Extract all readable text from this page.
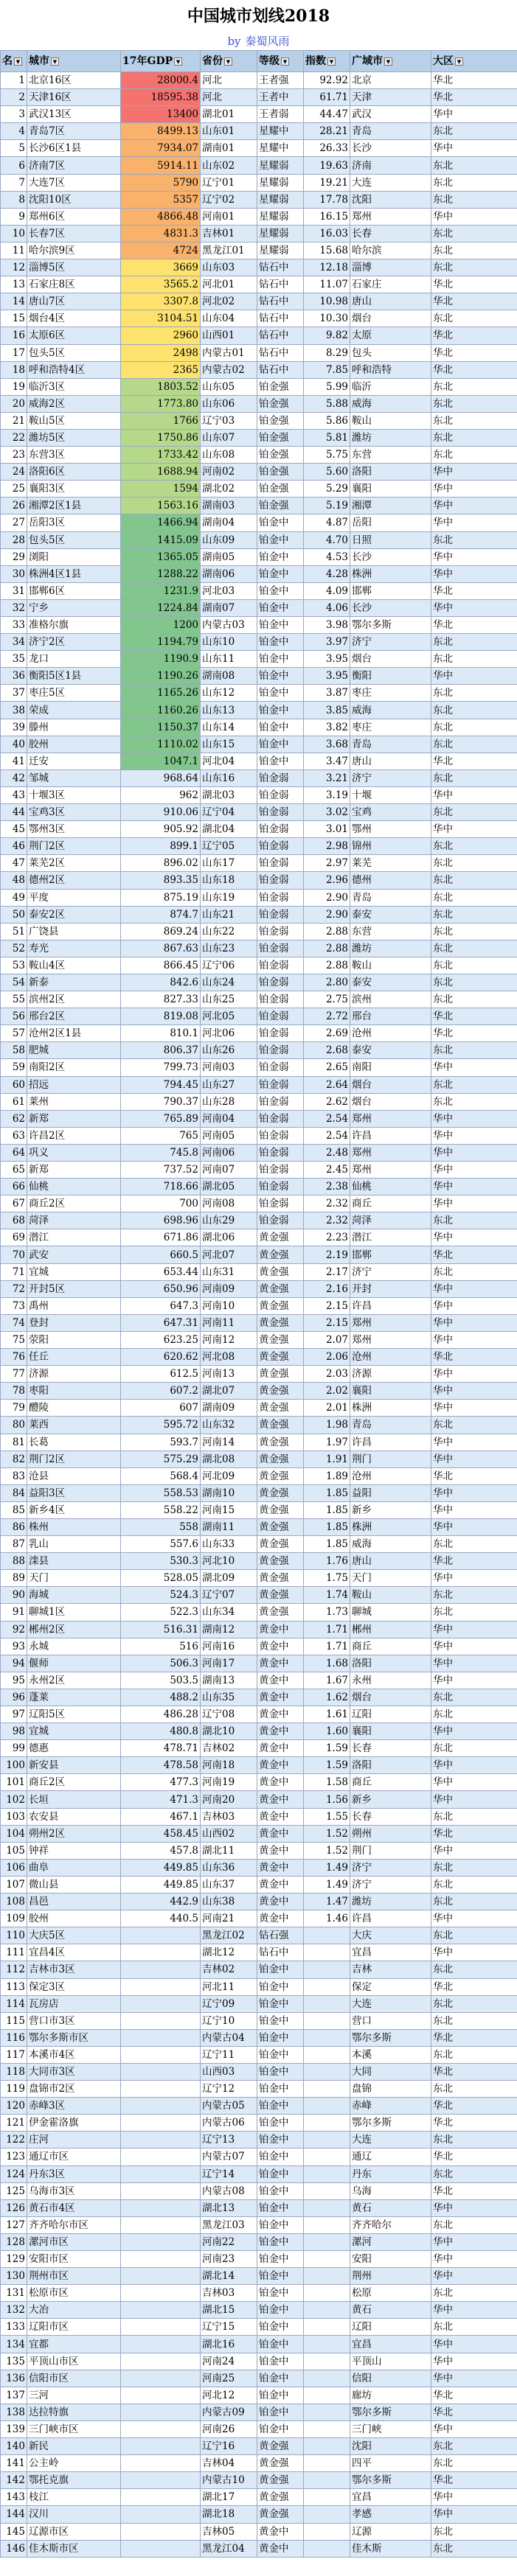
中国城市划线2018
by 秦蜀风雨
名 ▼	城市 ▼	17年GDP ▼	省份 ▼	等级 ▼	指数 ▼	广域市 ▼	大区 ▼
1	北京16区	28000.4	河北	王者强	92.92	北京	华北
2	天津16区	18595.38	河北	王者中	61.71	天津	华北
3	武汉13区	13400	湖北01	王者弱	44.47	武汉	华中
4	青岛7区	8499.13	山东01	星耀中	28.21	青岛	东北
5	长沙6区1县	7934.07	湖南01	星耀中	26.33	长沙	华中
6	济南7区	5914.11	山东02	星耀弱	19.63	济南	东北
7	大连7区	5790	辽宁01	星耀弱	19.21	大连	东北
8	沈阳10区	5357	辽宁02	星耀弱	17.78	沈阳	东北
9	郑州6区	4866.48	河南01	星耀弱	16.15	郑州	华中
10	长春7区	4831.3	吉林01	星耀弱	16.03	长春	东北
11	哈尔滨9区	4724	黑龙江01	星耀弱	15.68	哈尔滨	东北
12	淄博5区	3669	山东03	钻石中	12.18	淄博	东北
13	石家庄8区	3565.2	河北01	钻石中	11.07	石家庄	华北
14	唐山7区	3307.8	河北02	钻石中	10.98	唐山	华北
15	烟台4区	3104.51	山东04	钻石中	10.30	烟台	东北
16	太原6区	2960	山西01	钻石中	9.82	太原	华北
17	包头5区	2498	内蒙古01	钻石中	8.29	包头	华北
18	呼和浩特4区	2365	内蒙古02	钻石中	7.85	呼和浩特	华北
19	临沂3区	1803.52	山东05	铂金强	5.99	临沂	东北
20	威海2区	1773.80	山东06	铂金强	5.88	威海	东北
21	鞍山5区	1766	辽宁03	铂金强	5.86	鞍山	东北
22	潍坊5区	1750.86	山东07	铂金强	5.81	潍坊	东北
23	东营3区	1733.42	山东08	铂金强	5.75	东营	东北
24	洛阳6区	1688.94	河南02	铂金强	5.60	洛阳	华中
25	襄阳3区	1594	湖北02	铂金强	5.29	襄阳	华中
26	湘潭2区1县	1563.16	湖南03	铂金强	5.19	湘潭	华中
27	岳阳3区	1466.94	湖南04	铂金中	4.87	岳阳	华中
28	包头5区	1415.09	山东09	铂金中	4.70	日照	东北
29	浏阳	1365.05	湖南05	铂金中	4.53	长沙	华中
30	株洲4区1县	1288.22	湖南06	铂金中	4.28	株洲	华中
31	邯郸6区	1231.9	河北03	铂金中	4.09	邯郸	华北
32	宁乡	1224.84	湖南07	铂金中	4.06	长沙	华中
33	准格尔旗	1200	内蒙古03	铂金中	3.98	鄂尔多斯	华北
34	济宁2区	1194.79	山东10	铂金中	3.97	济宁	东北
35	龙口	1190.9	山东11	铂金中	3.95	烟台	东北
36	衡阳5区1县	1190.26	湖南08	铂金中	3.95	衡阳	华中
37	枣庄5区	1165.26	山东12	铂金中	3.87	枣庄	东北
38	荣成	1160.26	山东13	铂金中	3.85	威海	东北
39	滕州	1150.37	山东14	铂金中	3.82	枣庄	东北
40	胶州	1110.02	山东15	铂金中	3.68	青岛	东北
41	迁安	1047.1	河北04	铂金中	3.47	唐山	华北
42	邹城	968.64	山东16	铂金弱	3.21	济宁	东北
43	十堰3区	962	湖北03	铂金弱	3.19	十堰	华中
44	宝鸡3区	910.06	辽宁04	铂金弱	3.02	宝鸡	东北
45	鄂州3区	905.92	湖北04	铂金弱	3.01	鄂州	华中
46	荆门2区	899.1	辽宁05	铂金弱	2.98	锦州	东北
47	莱芜2区	896.02	山东17	铂金弱	2.97	莱芜	东北
48	德州2区	893.35	山东18	铂金弱	2.96	德州	东北
49	平度	875.19	山东19	铂金弱	2.90	青岛	东北
50	泰安2区	874.7	山东21	铂金弱	2.90	泰安	东北
51	广饶县	869.24	山东22	铂金弱	2.88	东营	东北
52	寿光	867.63	山东23	铂金弱	2.88	潍坊	东北
53	鞍山4区	866.45	辽宁06	铂金弱	2.88	鞍山	东北
54	新泰	842.6	山东24	铂金弱	2.80	泰安	东北
55	滨州2区	827.33	山东25	铂金弱	2.75	滨州	东北
56	邢台2区	819.08	河北05	铂金弱	2.72	邢台	华北
57	沧州2区1县	810.1	河北06	铂金弱	2.69	沧州	华北
58	肥城	806.37	山东26	铂金弱	2.68	泰安	东北
59	南阳2区	799.73	河南03	铂金弱	2.65	南阳	华中
60	招远	794.45	山东27	铂金弱	2.64	烟台	东北
61	莱州	790.37	山东28	铂金弱	2.62	烟台	东北
62	新郑	765.89	河南04	铂金弱	2.54	郑州	华中
63	许昌2区	765	河南05	铂金弱	2.54	许昌	华中
64	巩义	745.8	河南06	铂金弱	2.48	郑州	华中
65	新郑	737.52	河南07	铂金弱	2.45	郑州	华中
66	仙桃	718.66	湖北05	铂金弱	2.38	仙桃	华中
67	商丘2区	700	河南08	铂金弱	2.32	商丘	华中
68	菏泽	698.96	山东29	铂金弱	2.32	菏泽	东北
69	潜江	671.86	湖北06	黄金强	2.23	潜江	华中
70	武安	660.5	河北07	黄金强	2.19	邯郸	华北
71	宜城	653.44	山东31	黄金强	2.17	济宁	东北
72	开封5区	650.96	河南09	黄金强	2.16	开封	华中
73	禹州	647.3	河南10	黄金强	2.15	许昌	华中
74	登封	647.31	河南11	黄金强	2.15	郑州	华中
75	荥阳	623.25	河南12	黄金强	2.07	郑州	华中
76	任丘	620.62	河北08	黄金强	2.06	沧州	华北
77	济源	612.5	河南13	黄金强	2.03	济源	华中
78	枣阳	607.2	湖北07	黄金强	2.02	襄阳	华中
79	醴陵	607	湖南09	黄金强	2.01	株洲	华中
80	莱西	595.72	山东32	黄金强	1.98	青岛	东北
81	长葛	593.7	河南14	黄金强	1.97	许昌	华中
82	荆门2区	575.29	湖北08	黄金强	1.91	荆门	华中
83	沧县	568.4	河北09	黄金强	1.89	沧州	华北
84	益阳3区	558.53	湖南10	黄金强	1.85	益阳	华中
85	新乡4区	558.22	河南15	黄金强	1.85	新乡	华中
86	株州	558	湖南11	黄金强	1.85	株洲	华中
87	乳山	557.6	山东33	黄金强	1.85	威海	东北
88	滦县	530.3	河北10	黄金强	1.76	唐山	华北
89	天门	528.05	湖北09	黄金强	1.75	天门	华中
90	海城	524.3	辽宁07	黄金强	1.74	鞍山	东北
91	聊城1区	522.3	山东34	黄金强	1.73	聊城	东北
92	郴州2区	516.31	湖南12	黄金中	1.71	郴州	华中
93	永城	516	河南16	黄金中	1.71	商丘	华中
94	偃师	506.3	河南17	黄金中	1.68	洛阳	华中
95	永州2区	503.5	湖南13	黄金中	1.67	永州	华中
96	蓬莱	488.2	山东35	黄金中	1.62	烟台	东北
97	辽阳5区	486.28	辽宁08	黄金中	1.61	辽阳	东北
98	宜城	480.8	湖北10	黄金中	1.60	襄阳	华中
99	德惠	478.71	吉林02	黄金中	1.59	长春	东北
100	新安县	478.58	河南18	黄金中	1.59	洛阳	华中
101	商丘2区	477.3	河南19	黄金中	1.58	商丘	华中
102	长垣	471.3	河南20	黄金中	1.56	新乡	华中
103	农安县	467.1	吉林03	黄金中	1.55	长春	东北
104	朔州2区	458.45	山西02	黄金中	1.52	朔州	华北
105	钟祥	457.8	湖北11	黄金中	1.52	荆门	华中
106	曲阜	449.85	山东36	黄金中	1.49	济宁	东北
107	微山县	449.85	山东37	黄金中	1.49	济宁	东北
108	昌邑	442.9	山东38	黄金中	1.47	潍坊	东北
109	胶州	440.5	河南21	黄金中	1.46	许昌	华中
110	大庆5区		黑龙江02	钻石强		大庆	东北
111	宜昌4区		湖北12	钻石中		宜昌	华中
112	吉林市3区		吉林02	铂金中		吉林	东北
113	保定3区		河北11	铂金中		保定	华北
114	瓦房店		辽宁09	铂金中		大连	东北
115	营口市3区		辽宁10	铂金中		营口	东北
116	鄂尔多斯市区		内蒙古04	铂金中		鄂尔多斯	华北
117	本溪市4区		辽宁11	铂金中		本溪	东北
118	大同市3区		山西03	铂金中		大同	华北
119	盘锦市2区		辽宁12	铂金中		盘锦	东北
120	赤峰3区		内蒙古05	铂金中		赤峰	华北
121	伊金霍洛旗		内蒙古06	铂金中		鄂尔多斯	华北
122	庄河		辽宁13	铂金中		大连	东北
123	通辽市区		内蒙古07	铂金中		通辽	华北
124	丹东3区		辽宁14	铂金中		丹东	东北
125	乌海市3区		内蒙古08	铂金中		乌海	华北
126	黄石市4区		湖北13	铂金中		黄石	华中
127	齐齐哈尔市区		黑龙江03	铂金中		齐齐哈尔	东北
128	漯河市区		河南22	铂金中		漯河	华中
129	安阳市区		河南23	铂金中		安阳	华中
130	荆州市区		湖北14	铂金中		荆州	华中
131	松原市区		吉林03	铂金中		松原	东北
132	大冶		湖北15	铂金中		黄石	华中
133	辽阳市区		辽宁15	铂金中		辽阳	东北
134	宜都		湖北16	铂金中		宜昌	华中
135	平顶山市区		河南24	铂金中		平顶山	华中
136	信阳市区		河南25	铂金中		信阳	华中
137	三河		河北12	铂金中		廊坊	华北
138	达拉特旗		内蒙古09	铂金中		鄂尔多斯	华北
139	三门峡市区		河南26	铂金中		三门峡	华中
140	新民		辽宁16	黄金强		沈阳	东北
141	公主岭		吉林04	黄金强		四平	东北
142	鄂托克旗		内蒙古10	黄金强		鄂尔多斯	华北
143	枝江		湖北17	黄金强		宜昌	华中
144	汉川		湖北18	黄金强		孝感	华中
145	辽源市区		吉林05	黄金中		辽源	东北
146	佳木斯市区		黑龙江04	黄金中		佳木斯	东北
